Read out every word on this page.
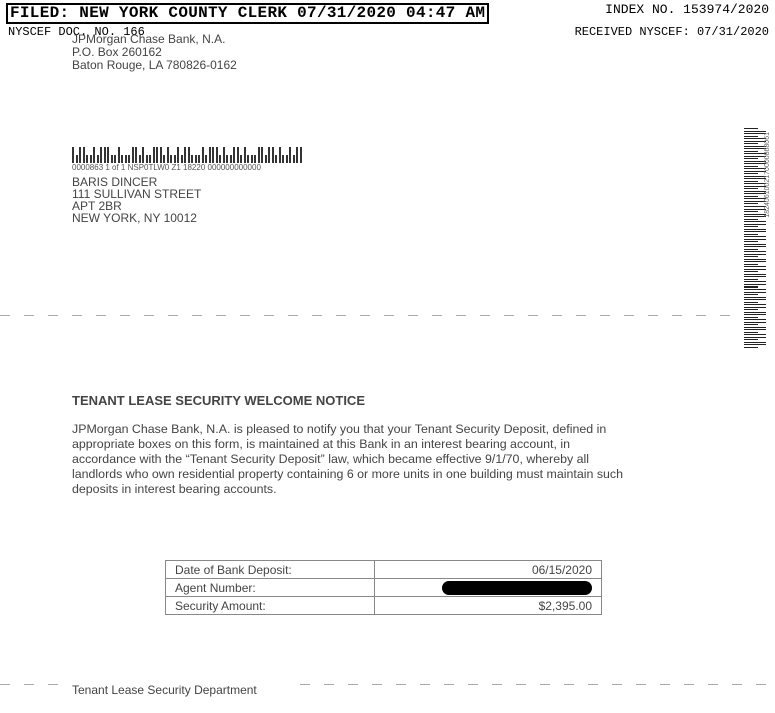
FILED: NEW YORK COUNTY CLERK 07/31/2020 04:47 AM	INDEX NO. 153974/2020
NYSCEF DOC. NO. 166	RECEIVED NYSCEF: 07/31/2020
JPMorgan Chase Bank, N.A.
P.O. Box 260162
Baton Rouge, LA 780826-0162
0000863 1 of 1 NSP0TLW0 Z1 18220 000000000000
BARIS DINCER
111 SULLIVAN STREET
APT 2BR
NEW YORK, NY 10012
1824061002170000868061
TENANT LEASE SECURITY WELCOME NOTICE
JPMorgan Chase Bank, N.A. is pleased to notify you that your Tenant Security Deposit, defined in appropriate boxes on this form, is maintained at this Bank in an interest bearing account, in accordance with the “Tenant Security Deposit” law, which became effective 9/1/70, whereby all landlords who own residential property containing 6 or more units in one building must maintain such deposits in interest bearing accounts.
Date of Bank Deposit:	06/15/2020
Agent Number:	
Security Amount:	$2,395.00
Tenant Lease Security Department
